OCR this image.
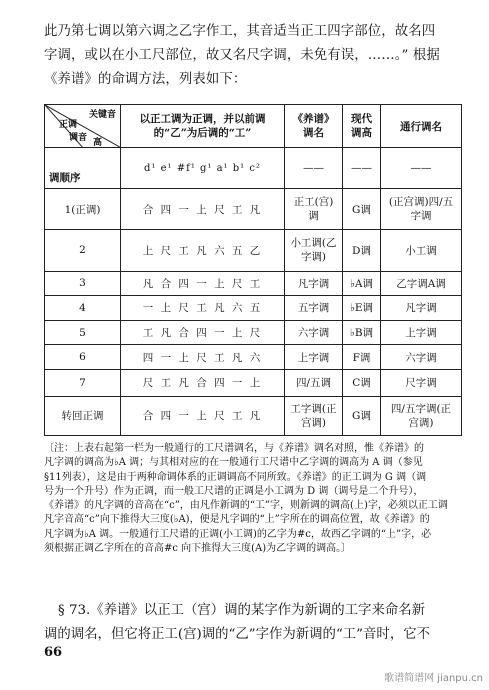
此乃第七调以第六调之乙字作工，其音适当正工四字部位，故名四

字调，或以在小工尺部位，故又名尺字调，未免有误，……。” 根据

《养谱》的命调方法，列表如下：

关键音
正调
调音 高	以正工调为正调，并以前调的“乙”为后调的“工”	《养谱》调名	现代调高	通行调名
调顺序	d¹ e¹ #f¹ g¹ a¹ b¹ c²	——	——	——
1(正调)	合 四 一 上 尺 工 凡	正工(宫)调	G调	(正宫调)四/五字调
2	上 尺 工 凡 六 五 乙	小工调(乙字调)	D调	小工调
3	凡 合 四 一 上 尺 工	凡字调	♭A调	乙字调A调
4	一 上 尺 工 凡 六 五	五字调	♭E调	凡字调
5	工 凡 合 四 一 上 尺	六字调	♭B调	上字调
6	四 一 上 尺 工 凡 六	上字调	F调	六字调
7	尺 工 凡 合 四 一 上	四/五调	C调	尺字调
转回正调	合 四 一 上 尺 工 凡	工字调(正宫调)	G调	四/五字调(正宫调)

〔注：上表右起第一栏为一般通行的工尺谱调名，与《养谱》调名对照，惟《养谱》的

凡字调的调高为♭A 调；与其相对应的在一般通行工尺谱中乙字调的调高为 A 调（参见

§11列表），这是由于两种命调体系的正调调高不同所致。《养谱》的正工调为 G 调（调

号为一个升号）作为正调，而一般工尺谱的正调是小工调为 D 调（调号是二个升号），

《养谱》的凡字调的音高在“c”，由凡作新调的“工”字，则新调的调高(上)字，必须以正工调

凡字音高“c”向下推得大三度(♭A)，便是凡字调的“上”字所在的调高位置，故《养谱》的

凡字调为♭A 调。一般通行工尺谱的正调(小工调)的乙字为#c，故西乙字调的“上”字，必

须根据正调乙字所在的音高#c 向下推得大三度(A)为乙字调的调高。〕

§ 73.《养谱》以正工（宫）调的某字作为新调的工字来命名新

调的调名，但它将正工(宫)调的“乙”字作为新调的“工”音时，它不

66
歌谱简谱网 jianpu.cn
